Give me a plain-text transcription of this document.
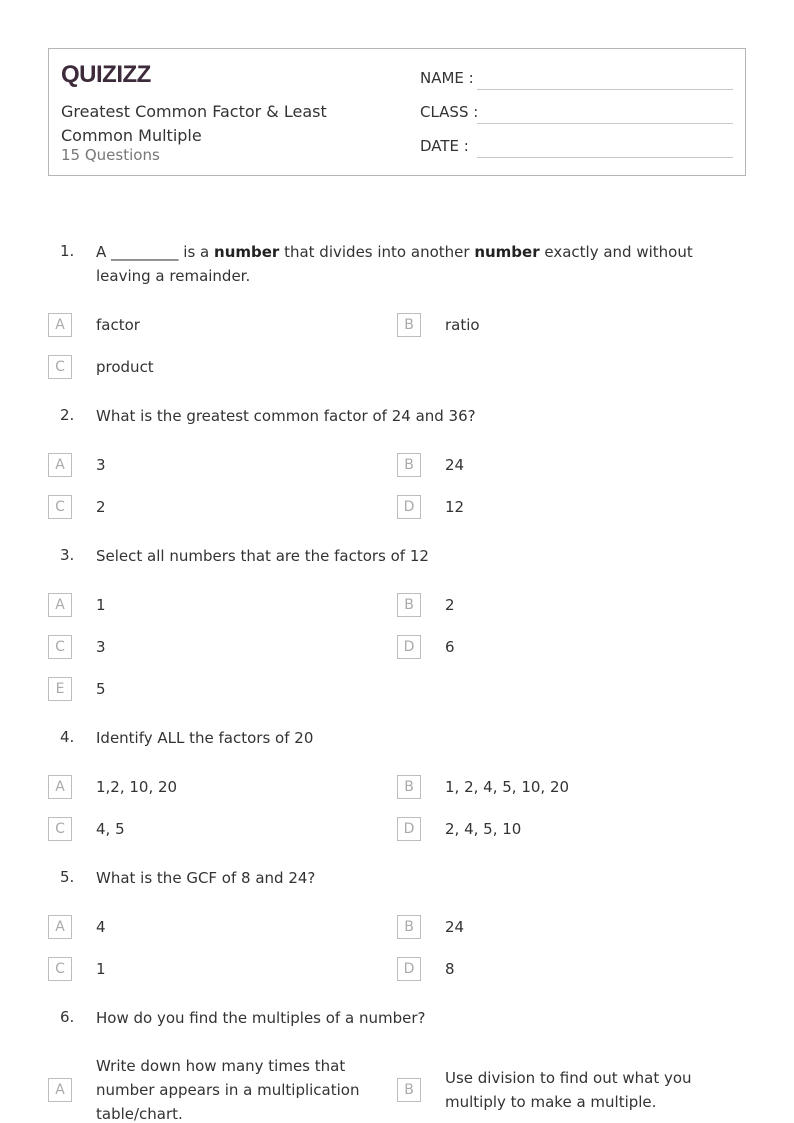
QUIZIZZ
Greatest Common Factor & Least Common Multiple
15 Questions
NAME :
CLASS :
DATE :
1. A _________ is a number that divides into another number exactly and without leaving a remainder.
A	factor	B	ratio
C	product
2. What is the greatest common factor of 24 and 36?
A	3	B	24
C	2	D	12
3. Select all numbers that are the factors of 12
A	1	B	2
C	3	D	6
E	5
4. Identify ALL the factors of 20
A	1,2, 10, 20	B	1, 2, 4, 5, 10, 20
C	4, 5	D	2, 4, 5, 10
5. What is the GCF of 8 and 24?
A	4	B	24
C	1	D	8
6. How do you find the multiples of a number?
A
Write down how many times that number appears in a multiplication table/chart.
B
Use division to find out what you multiply to make a multiple.
